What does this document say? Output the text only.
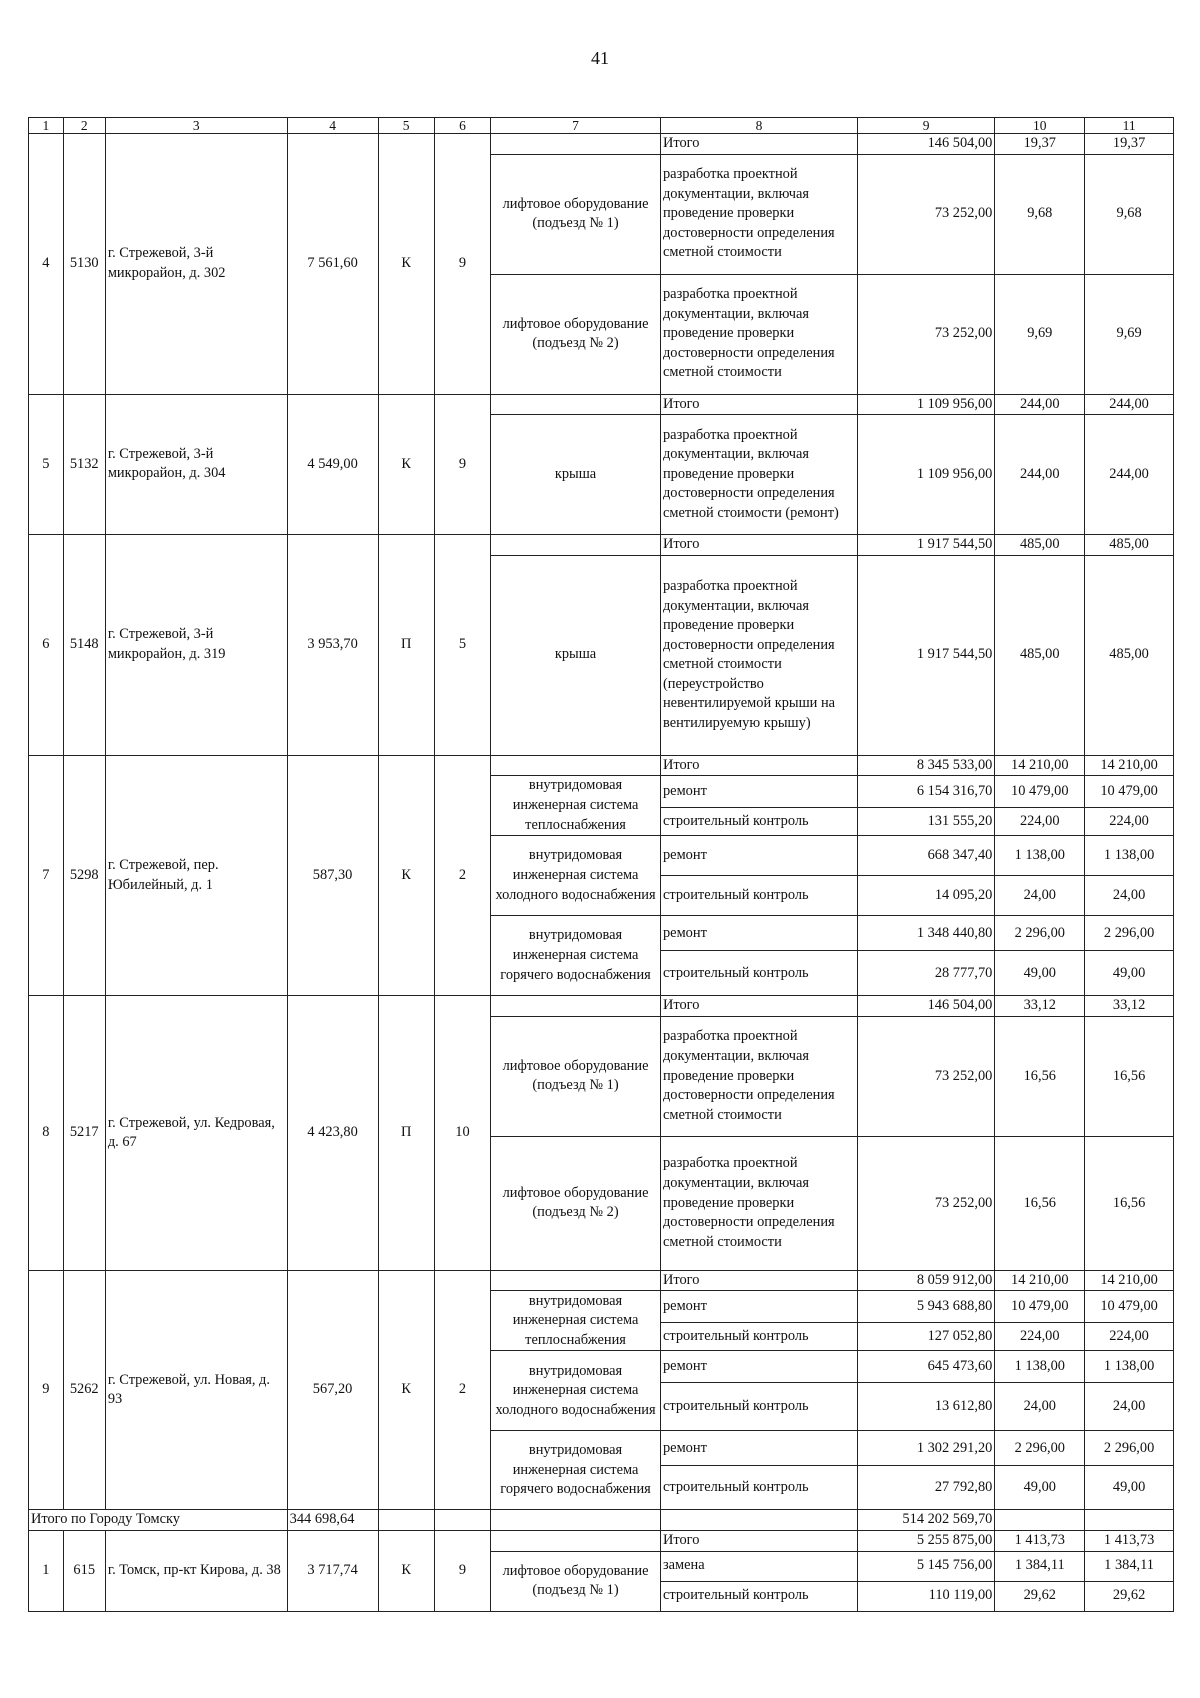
41
1	2	3	4	5	6	7	8	9	10	11
4	5130	г. Стрежевой, 3-й микрорайон, д. 302	7 561,60	К	9		Итого	146 504,00	19,37	19,37
						лифтовое оборудование (подъезд № 1)	разработка проектной документации, включая проведение проверки достоверности определения сметной стоимости	73 252,00	9,68	9,68
						лифтовое оборудование (подъезд № 2)	разработка проектной документации, включая проведение проверки достоверности определения сметной стоимости	73 252,00	9,69	9,69
5	5132	г. Стрежевой, 3-й микрорайон, д. 304	4 549,00	К	9		Итого	1 109 956,00	244,00	244,00
						крыша	разработка проектной документации, включая проведение проверки достоверности определения сметной стоимости (ремонт)	1 109 956,00	244,00	244,00
6	5148	г. Стрежевой, 3-й микрорайон, д. 319	3 953,70	П	5		Итого	1 917 544,50	485,00	485,00
						крыша	разработка проектной документации, включая проведение проверки достоверности определения сметной стоимости (переустройство невентилируемой крыши на вентилируемую крышу)	1 917 544,50	485,00	485,00
7	5298	г. Стрежевой, пер. Юбилейный, д. 1	587,30	К	2		Итого	8 345 533,00	14 210,00	14 210,00
						внутридомовая инженерная система теплоснабжения	ремонт	6 154 316,70	10 479,00	10 479,00
							строительный контроль	131 555,20	224,00	224,00
						внутридомовая инженерная система холодного водоснабжения	ремонт	668 347,40	1 138,00	1 138,00
							строительный контроль	14 095,20	24,00	24,00
						внутридомовая инженерная система горячего водоснабжения	ремонт	1 348 440,80	2 296,00	2 296,00
							строительный контроль	28 777,70	49,00	49,00
8	5217	г. Стрежевой, ул. Кедровая, д. 67	4 423,80	П	10		Итого	146 504,00	33,12	33,12
						лифтовое оборудование (подъезд № 1)	разработка проектной документации, включая проведение проверки достоверности определения сметной стоимости	73 252,00	16,56	16,56
						лифтовое оборудование (подъезд № 2)	разработка проектной документации, включая проведение проверки достоверности определения сметной стоимости	73 252,00	16,56	16,56
9	5262	г. Стрежевой, ул. Новая, д. 93	567,20	К	2		Итого	8 059 912,00	14 210,00	14 210,00
						внутридомовая инженерная система теплоснабжения	ремонт	5 943 688,80	10 479,00	10 479,00
							строительный контроль	127 052,80	224,00	224,00
						внутридомовая инженерная система холодного водоснабжения	ремонт	645 473,60	1 138,00	1 138,00
							строительный контроль	13 612,80	24,00	24,00
						внутридомовая инженерная система горячего водоснабжения	ремонт	1 302 291,20	2 296,00	2 296,00
							строительный контроль	27 792,80	49,00	49,00
Итого по Городу Томску			344 698,64					514 202 569,70		
1	615	г. Томск, пр-кт Кирова, д. 38	3 717,74	К	9		Итого	5 255 875,00	1 413,73	1 413,73
						лифтовое оборудование (подъезд № 1)	замена	5 145 756,00	1 384,11	1 384,11
							строительный контроль	110 119,00	29,62	29,62
